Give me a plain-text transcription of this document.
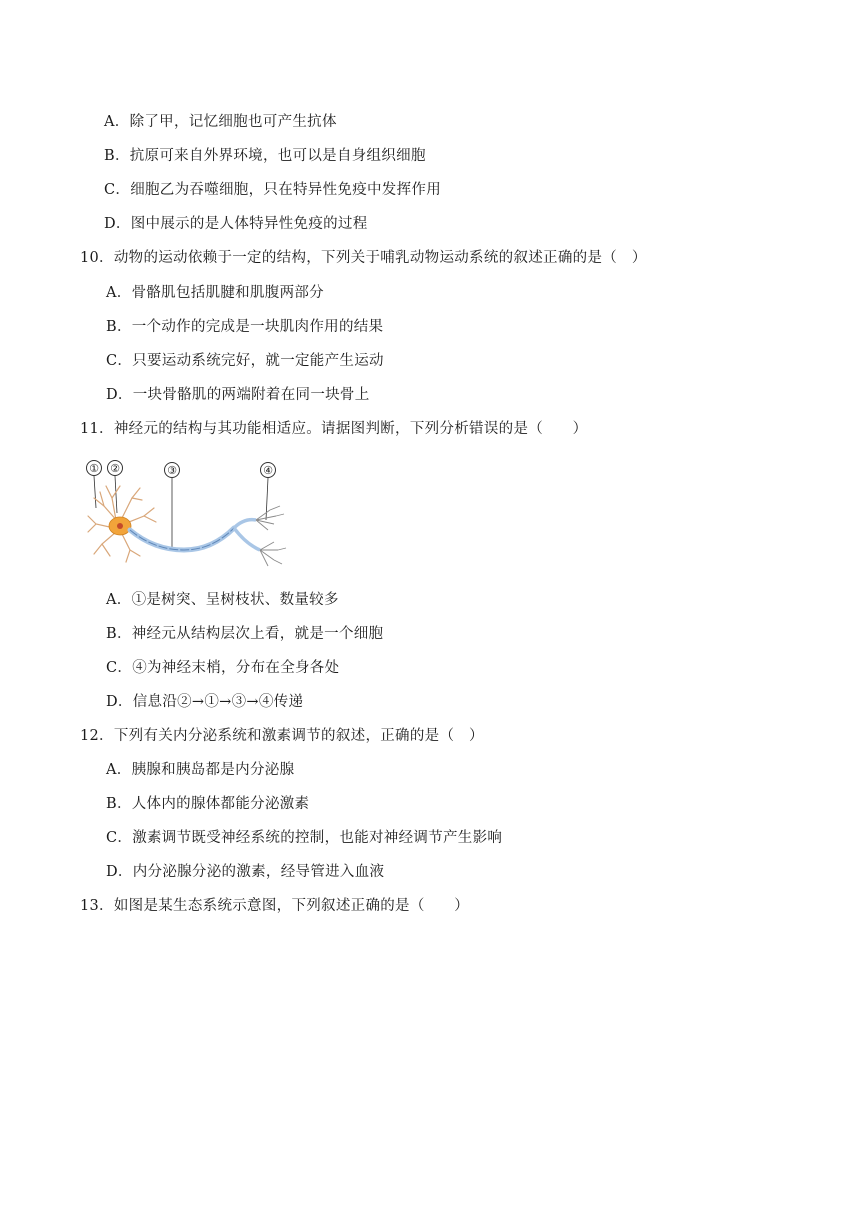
A．除了甲，记忆细胞也可产生抗体
B．抗原可来自外界环境，也可以是自身组织细胞
C．细胞乙为吞噬细胞，只在特异性免疫中发挥作用
D．图中展示的是人体特异性免疫的过程
10．动物的运动依赖于一定的结构，下列关于哺乳动物运动系统的叙述正确的是（　）
A．骨骼肌包括肌腱和肌腹两部分
B．一个动作的完成是一块肌肉作用的结果
C．只要运动系统完好，就一定能产生运动
D．一块骨骼肌的两端附着在同一块骨上
11．神经元的结构与其功能相适应。请据图判断，下列分析错误的是（　　）
① ②	③	④
A．①是树突、呈树枝状、数量较多
B．神经元从结构层次上看，就是一个细胞
C．④为神经末梢，分布在全身各处
D．信息沿②→①→③→④传递
12．下列有关内分泌系统和激素调节的叙述，正确的是（　）
A．胰腺和胰岛都是内分泌腺
B．人体内的腺体都能分泌激素
C．激素调节既受神经系统的控制，也能对神经调节产生影响
D．内分泌腺分泌的激素，经导管进入血液
13．如图是某生态系统示意图，下列叙述正确的是（　　）
